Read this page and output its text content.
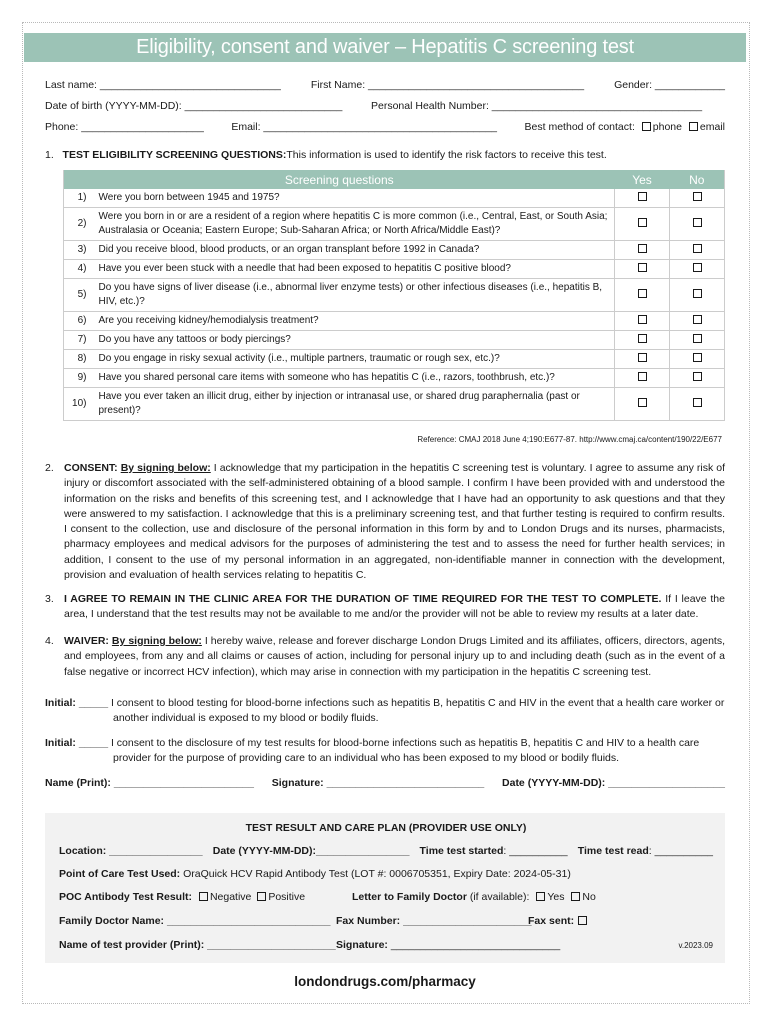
Eligibility, consent and waiver – Hepatitis C screening test
Last name: _______________________________	First Name: _____________________________________	Gender: ____________
Date of birth (YYYY-MM-DD): ___________________________	Personal Health Number: ____________________________________
Phone: _____________________	Email: ________________________________________	Best method of contact: phone email
1. TEST ELIGIBILITY SCREENING QUESTIONS:This information is used to identify the risk factors to receive this test.
Screening questions		Yes	No
1)	Were you born between 1945 and 1975?		
2)	Were you born in or are a resident of a region where hepatitis C is more common (i.e., Central, East, or South Asia; Australasia or Oceania; Eastern Europe; Sub-Saharan Africa; or North Africa/Middle East)?		
3)	Did you receive blood, blood products, or an organ transplant before 1992 in Canada?		
4)	Have you ever been stuck with a needle that had been exposed to hepatitis C positive blood?		
5)	Do you have signs of liver disease (i.e., abnormal liver enzyme tests) or other infectious diseases (i.e., hepatitis B, HIV, etc.)?		
6)	Are you receiving kidney/hemodialysis treatment?		
7)	Do you have any tattoos or body piercings?		
8)	Do you engage in risky sexual activity (i.e., multiple partners, traumatic or rough sex, etc.)?		
9)	Have you shared personal care items with someone who has hepatitis C (i.e., razors, toothbrush, etc.)?		
10)	Have you ever taken an illicit drug, either by injection or intranasal use, or shared drug paraphernalia (past or present)?		
Reference: CMAJ 2018 June 4;190:E677-87. http://www.cmaj.ca/content/190/22/E677
2. CONSENT: By signing below: I acknowledge that my participation in the hepatitis C screening test is voluntary. I agree to assume any risk of injury or discomfort associated with the self-administered obtaining of a blood sample. I confirm I have been provided with and understood the information on the risks and benefits of this screening test, and I acknowledge that I have had an opportunity to ask questions and that they were answered to my satisfaction. I acknowledge that this is a preliminary screening test, and that further testing is required to confirm results. I consent to the collection, use and disclosure of the personal information in this form by and to London Drugs and its nurses, pharmacists, pharmacy employees and medical advisors for the purposes of administering the test and to assess the need for further health services; in addition, I consent to the use of my personal information in an aggregated, non-identifiable manner in connection with the development, provision and evaluation of health services relating to hepatitis C.
3. I AGREE TO REMAIN IN THE CLINIC AREA FOR THE DURATION OF TIME REQUIRED FOR THE TEST TO COMPLETE. If I leave the area, I understand that the test results may not be available to me and/or the provider will not be able to review my results at a later date.
4. WAIVER: By signing below: I hereby waive, release and forever discharge London Drugs Limited and its affiliates, officers, directors, agents, and employees, from any and all claims or causes of action, including for personal injury up to and including death (such as in the event of a false negative or incorrect HCV infection), which may arise in connection with my participation in the hepatitis C screening test.
Initial: _____ I consent to blood testing for blood-borne infections such as hepatitis B, hepatitis C and HIV in the event that a health care worker or another individual is exposed to my blood or bodily fluids.
Initial: _____ I consent to the disclosure of my test results for blood-borne infections such as hepatitis B, hepatitis C and HIV to a health care provider for the purpose of providing care to an individual who has been exposed to my blood or bodily fluids.
Name (Print): ________________________ Signature: ___________________________ Date (YYYY-MM-DD): ____________________
TEST RESULT AND CARE PLAN (PROVIDER USE ONLY)
Location: ________________ Date (YYYY-MM-DD):________________ Time test started: __________ Time test read: __________
Point of Care Test Used: OraQuick HCV Rapid Antibody Test (LOT #: 0006705351, Expiry Date: 2024-05-31)
POC Antibody Test Result: Negative Positive	Letter to Family Doctor (if available): Yes No
Family Doctor Name: ____________________________ Fax Number: ______________________
Fax sent:
Name of test provider (Print): ______________________ Signature: _____________________________	v.2023.09
londondrugs.com/pharmacy
